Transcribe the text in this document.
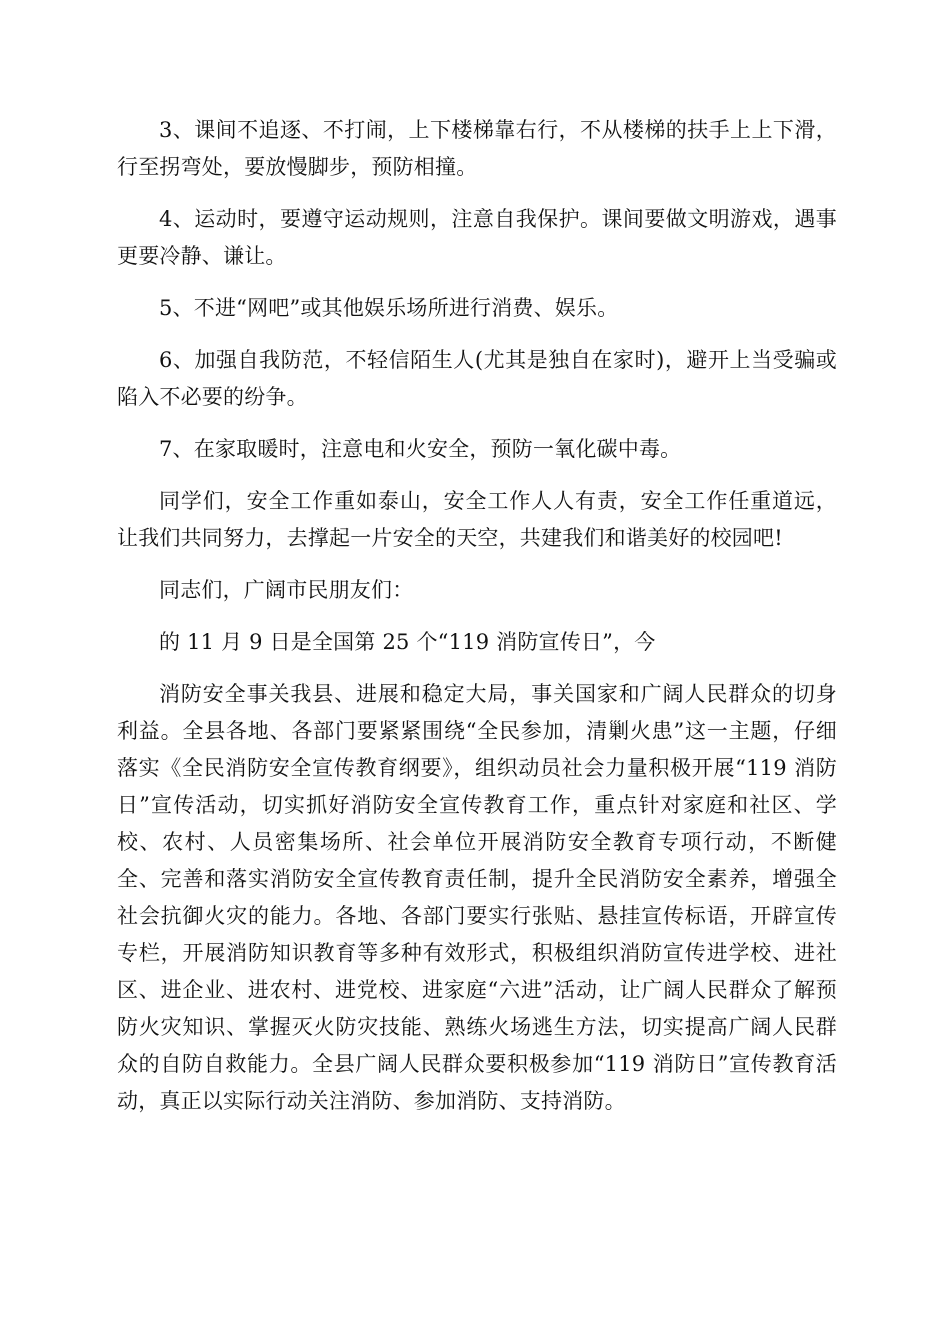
3、课间不追逐、不打闹，上下楼梯靠右行，不从楼梯的扶手上上下滑，行至拐弯处，要放慢脚步，预防相撞。

4、运动时，要遵守运动规则，注意自我保护。课间要做文明游戏，遇事更要冷静、谦让。

5、不进“网吧”或其他娱乐场所进行消费、娱乐。

6、加强自我防范，不轻信陌生人(尤其是独自在家时)，避开上当受骗或陷入不必要的纷争。

7、在家取暖时，注意电和火安全，预防一氧化碳中毒。

同学们，安全工作重如泰山，安全工作人人有责，安全工作任重道远，让我们共同努力，去撑起一片安全的天空，共建我们和谐美好的校园吧!

同志们，广阔市民朋友们：

的 11 月 9 日是全国第 25 个“119 消防宣传日”，今

消防安全事关我县、进展和稳定大局，事关国家和广阔人民群众的切身利益。全县各地、各部门要紧紧围绕“全民参加，清剿火患”这一主题，仔细落实《全民消防安全宣传教育纲要》，组织动员社会力量积极开展“119 消防日”宣传活动，切实抓好消防安全宣传教育工作，重点针对家庭和社区、学校、农村、人员密集场所、社会单位开展消防安全教育专项行动，不断健全、完善和落实消防安全宣传教育责任制，提升全民消防安全素养，增强全社会抗御火灾的能力。各地、各部门要实行张贴、悬挂宣传标语，开辟宣传专栏，开展消防知识教育等多种有效形式，积极组织消防宣传进学校、进社区、进企业、进农村、进党校、进家庭“六进”活动，让广阔人民群众了解预防火灾知识、掌握灭火防灾技能、熟练火场逃生方法，切实提高广阔人民群众的自防自救能力。全县广阔人民群众要积极参加“119 消防日”宣传教育活动，真正以实际行动关注消防、参加消防、支持消防。
